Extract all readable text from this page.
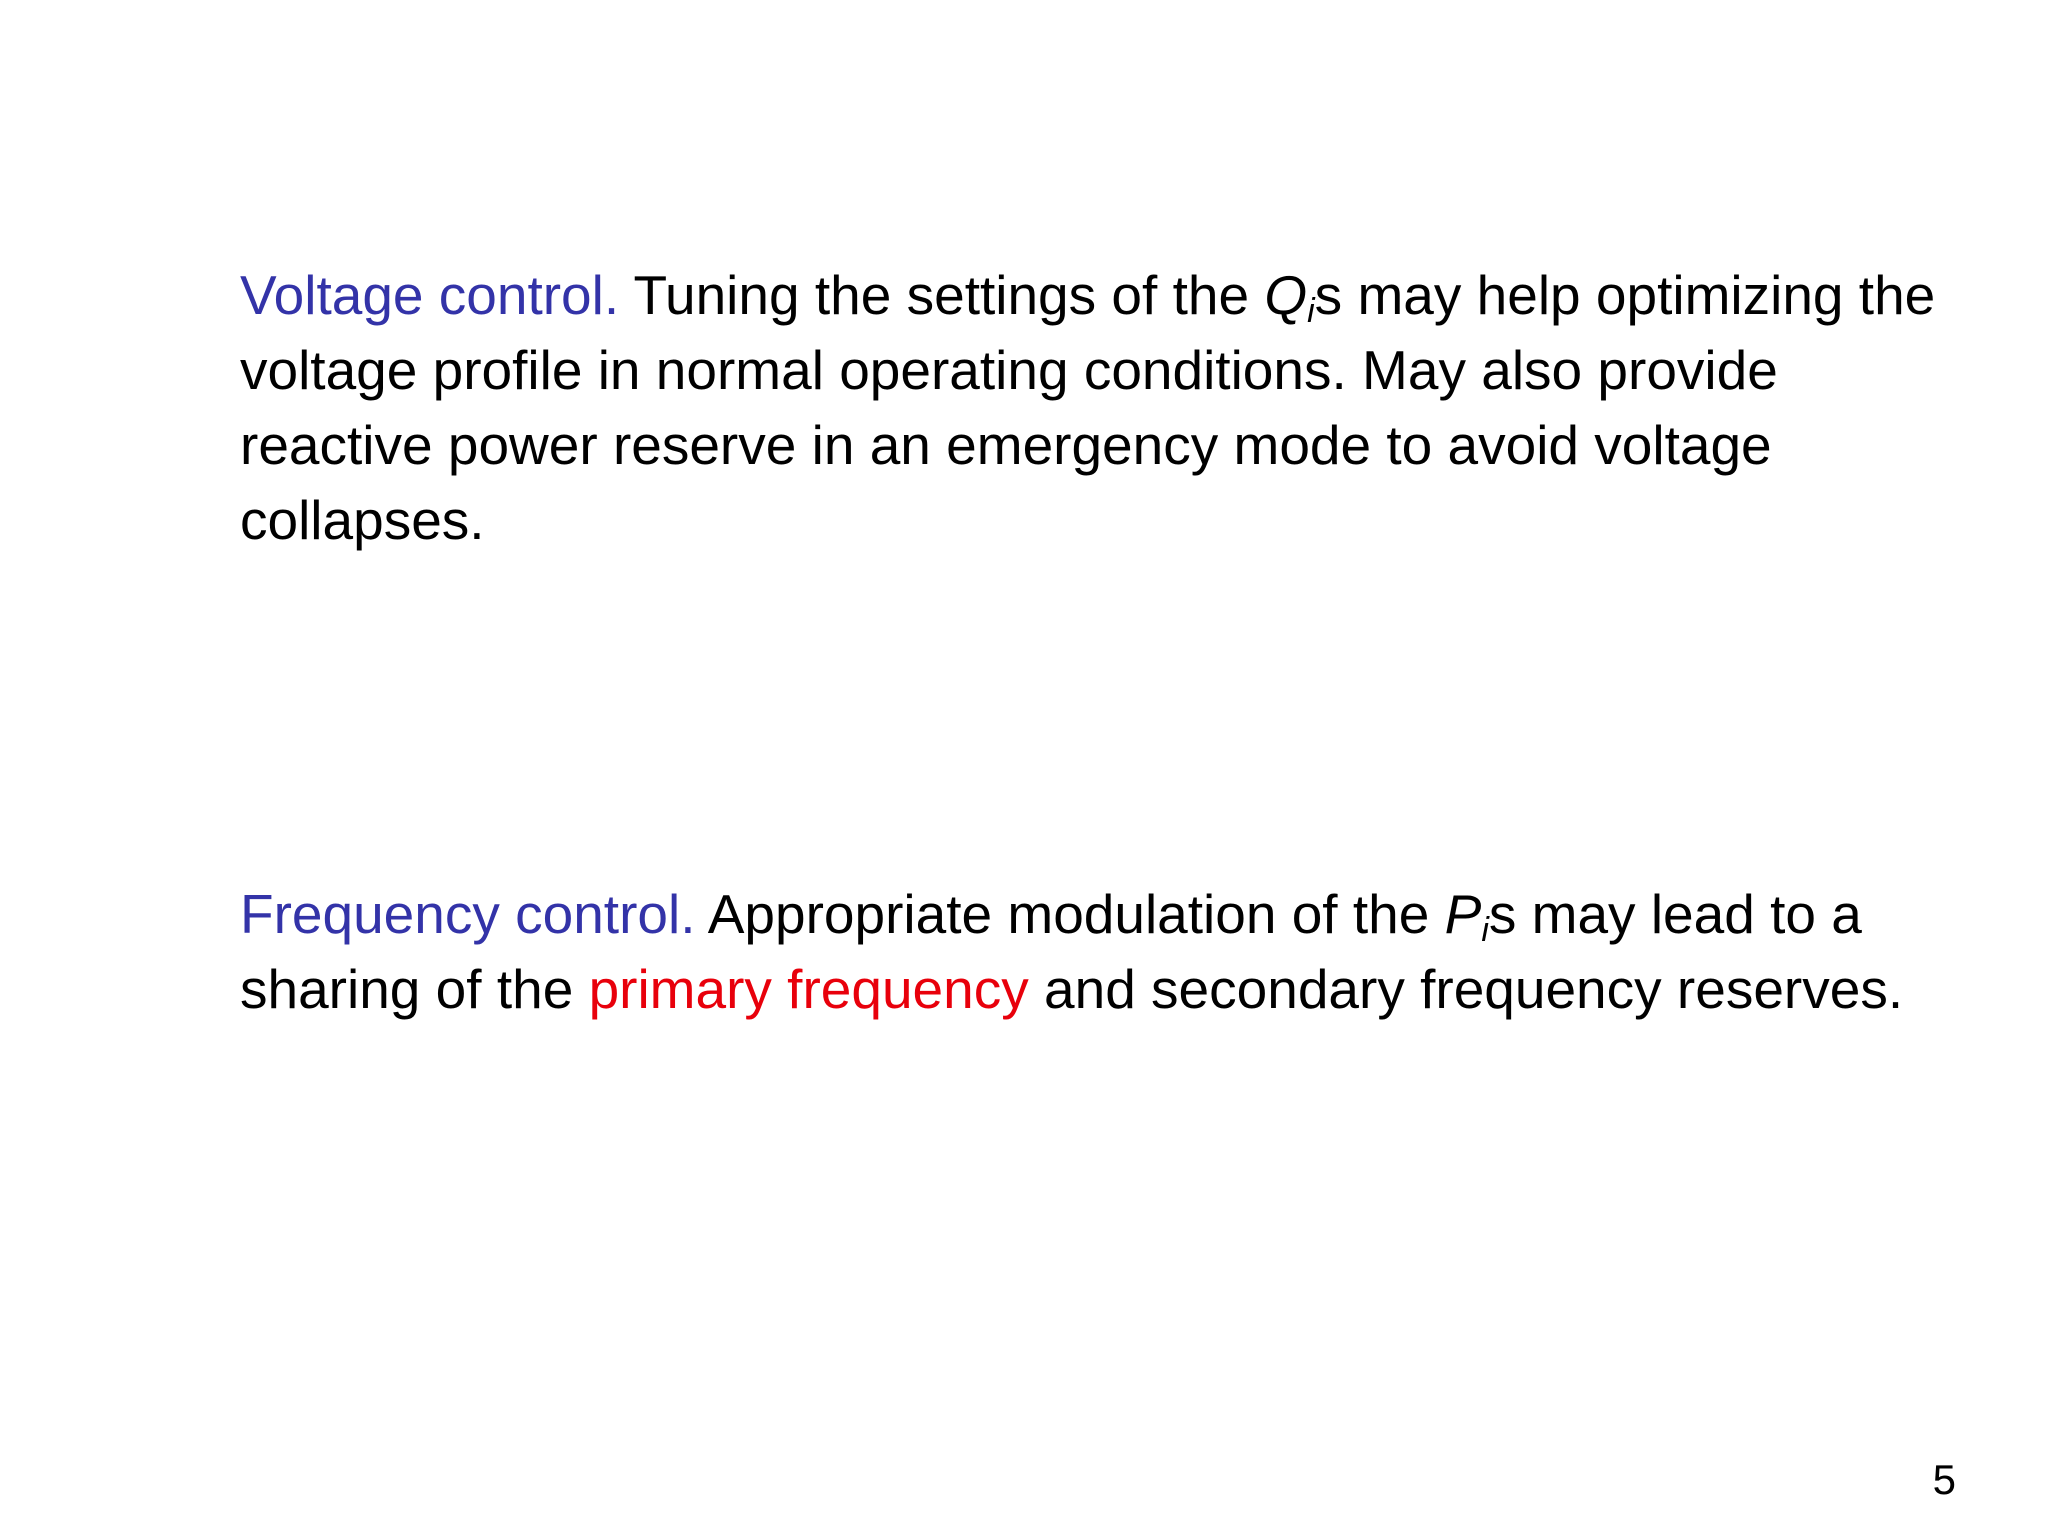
Voltage control. Tuning the settings of the $Q_is$ may help optimizing the voltage profile in normal operating conditions. May also provide reactive power reserve in an emergency mode to avoid voltage collapses.

Frequency control. Appropriate modulation of the $P_is$ may lead to a sharing of the primary frequency and secondary frequency reserves.

5
